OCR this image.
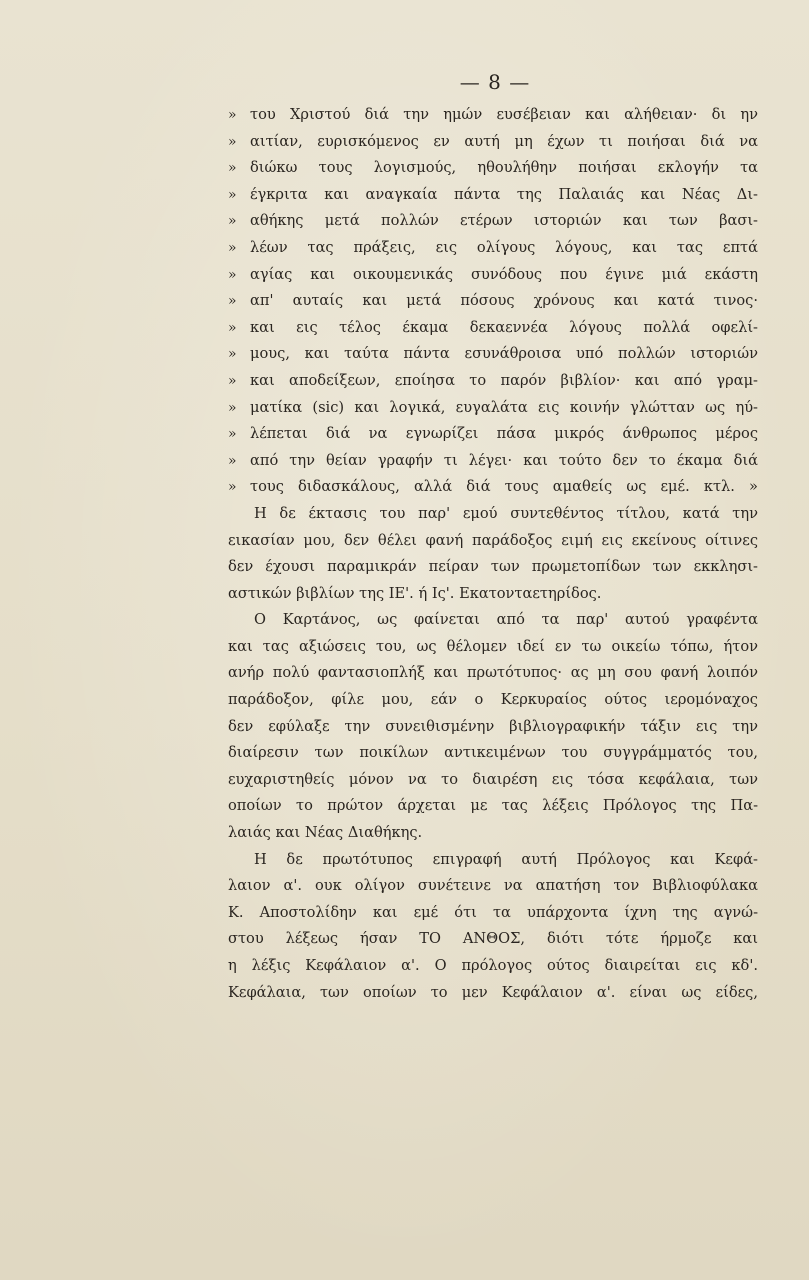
— 8 —
» του Χριστού διά την ημών ευσέβειαν και αλήθειαν· δι ην
» αιτίαν, ευρισκόμενος εν αυτή μη έχων τι ποιήσαι διά να
» διώκω τους λογισμούς, ηθουλήθην ποιήσαι εκλογήν τα
» έγκριτα και αναγκαία πάντα της Παλαιάς και Νέας Δι-
» αθήκης μετά πολλών ετέρων ιστοριών και των βασι-
» λέων τας πράξεις, εις ολίγους λόγους, και τας επτά
» αγίας και οικουμενικάς συνόδους που έγινε μιά εκάστη
» απ' αυταίς και μετά πόσους χρόνους και κατά τινος·
» και εις τέλος έκαμα δεκαεννέα λόγους πολλά οφελί-
» μους, και ταύτα πάντα εσυνάθροισα υπό πολλών ιστοριών
» και αποδείξεων, εποίησα το παρόν βιβλίον· και από γραμ-
» ματίκα (sic) και λογικά, ευγαλάτα εις κοινήν γλώτταν ως ηύ-
» λέπεται διά να εγνωρίζει πάσα μικρός άνθρωπος μέρος
» από την θείαν γραφήν τι λέγει· και τούτο δεν το έκαμα διά
» τους διδασκάλους, αλλά διά τους αμαθείς ως εμέ. κτλ. »
Η δε έκτασις του παρ' εμού συντεθέντος τίτλου, κατά την
εικασίαν μου, δεν θέλει φανή παράδοξος ειμή εις εκείνους οίτινες
δεν έχουσι παραμικράν πείραν των πρωμετοπίδων των εκκλησι-
αστικών βιβλίων της ΙΕ'. ή Ις'. Εκατονταετηρίδος.
Ο Καρτάνος, ως φαίνεται από τα παρ' αυτού γραφέντα
και τας αξιώσεις του, ως θέλομεν ιδεί εν τω οικείω τόπω, ήτον
ανήρ πολύ φαντασιοπλήξ και πρωτότυπος· ας μη σου φανή λοιπόν
παράδοξον, φίλε μου, εάν ο Κερκυραίος ούτος ιερομόναχος
δεν εφύλαξε την συνειθισμένην βιβλιογραφικήν τάξιν εις την
διαίρεσιν των ποικίλων αντικειμένων του συγγράμματός του,
ευχαριστηθείς μόνον να το διαιρέση εις τόσα κεφάλαια, των
οποίων το πρώτον άρχεται με τας λέξεις Πρόλογος της Πα-
λαιάς και Νέας Διαθήκης.
Η δε πρωτότυπος επιγραφή αυτή Πρόλογος και Κεφά-
λαιον α'. ουκ ολίγον συνέτεινε να απατήση τον Βιβλιοφύλακα
Κ. Αποστολίδην και εμέ ότι τα υπάρχοντα ίχνη της αγνώ-
στου λέξεως ήσαν ΤΟ ΑΝΘΟΣ, διότι τότε ήρμοζε και
η λέξις Κεφάλαιον α'. Ο πρόλογος ούτος διαιρείται εις κδ'.
Κεφάλαια, των οποίων το μεν Κεφάλαιον α'. είναι ως είδες,
